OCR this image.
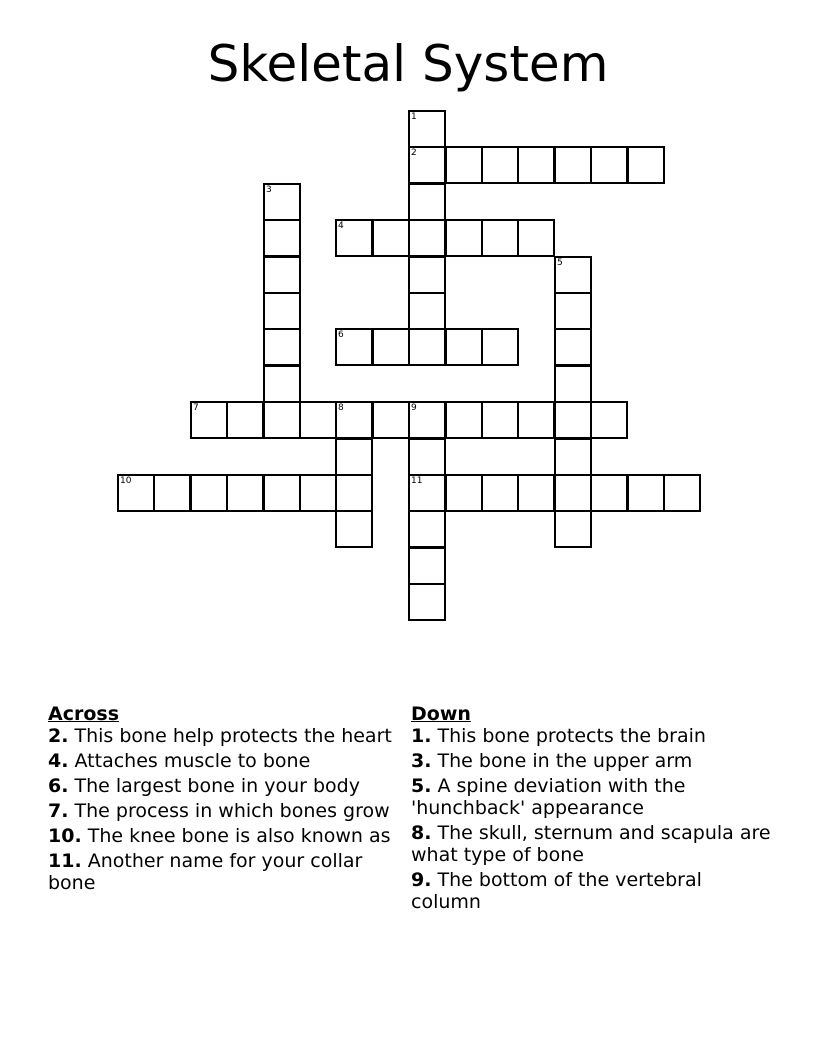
Skeletal System
1
2
3
4
5
6
7	8	9
11
10
Across
2. This bone help protects the heart
4. Attaches muscle to bone
6. The largest bone in your body
7. The process in which bones grow
10. The knee bone is also known as
11. Another name for your collar bone
Down
1. This bone protects the brain
3. The bone in the upper arm
5. A spine deviation with the 'hunchback' appearance
8. The skull, sternum and scapula are what type of bone
9. The bottom of the vertebral column
